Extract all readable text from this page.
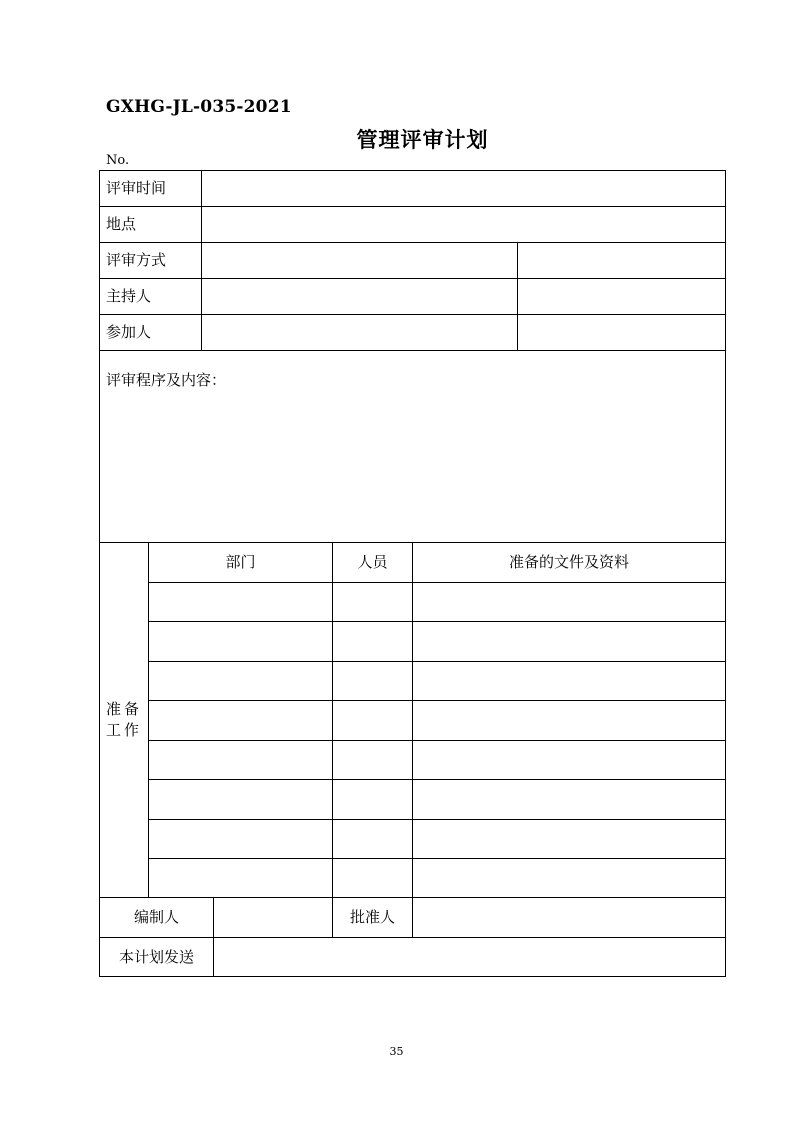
GXHG-JL-035-2021
管理评审计划
No.
评审时间
地点
评审方式
主持人
参加人
评审程序及内容：
准备工作
部门	人员	准备的文件及资料
编制人	批准人
本计划发送
35
